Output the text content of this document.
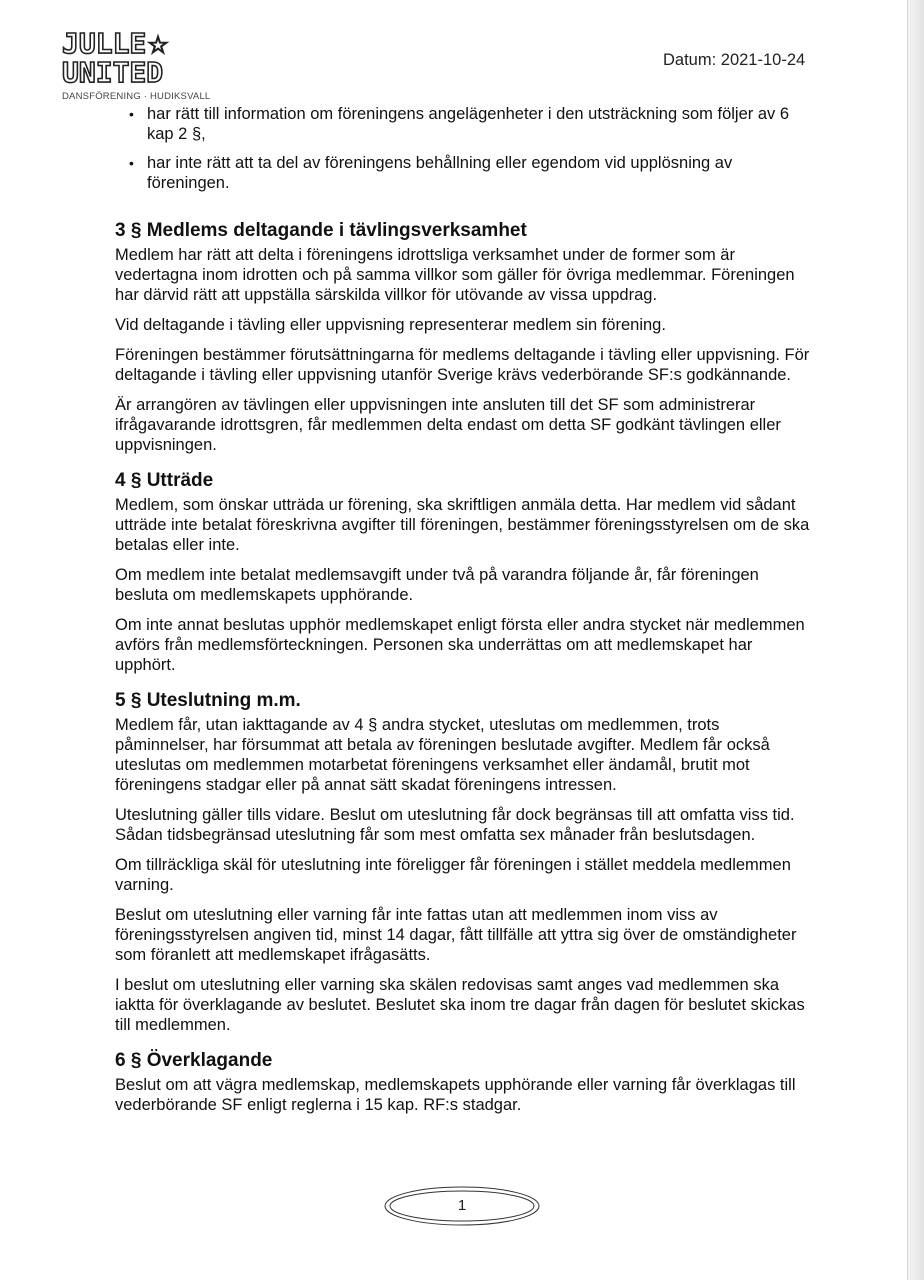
JULLE☆
UNITED
DANSFÖRENING · HUDIKSVALL
Datum: 2021-10-24
• har rätt till information om föreningens angelägenheter i den utsträckning som följer av 6 kap 2 §,
• har inte rätt att ta del av föreningens behållning eller egendom vid upplösning av föreningen.
3 § Medlems deltagande i tävlingsverksamhet

Medlem har rätt att delta i föreningens idrottsliga verksamhet under de former som är vedertagna inom idrotten och på samma villkor som gäller för övriga medlemmar. Föreningen har därvid rätt att uppställa särskilda villkor för utövande av vissa uppdrag.

Vid deltagande i tävling eller uppvisning representerar medlem sin förening.

Föreningen bestämmer förutsättningarna för medlems deltagande i tävling eller uppvisning. För deltagande i tävling eller uppvisning utanför Sverige krävs vederbörande SF:s godkännande.

Är arrangören av tävlingen eller uppvisningen inte ansluten till det SF som administrerar ifrågavarande idrottsgren, får medlemmen delta endast om detta SF godkänt tävlingen eller uppvisningen.

4 § Utträde

Medlem, som önskar utträda ur förening, ska skriftligen anmäla detta. Har medlem vid sådant utträde inte betalat föreskrivna avgifter till föreningen, bestämmer föreningsstyrelsen om de ska betalas eller inte.

Om medlem inte betalat medlemsavgift under två på varandra följande år, får föreningen besluta om medlemskapets upphörande.

Om inte annat beslutas upphör medlemskapet enligt första eller andra stycket när medlemmen avförs från medlemsförteckningen. Personen ska underrättas om att medlemskapet har upphört.

5 § Uteslutning m.m.

Medlem får, utan iakttagande av 4 § andra stycket, uteslutas om medlemmen, trots påminnelser, har försummat att betala av föreningen beslutade avgifter. Medlem får också uteslutas om medlemmen motarbetat föreningens verksamhet eller ändamål, brutit mot föreningens stadgar eller på annat sätt skadat föreningens intressen.

Uteslutning gäller tills vidare. Beslut om uteslutning får dock begränsas till att omfatta viss tid. Sådan tidsbegränsad uteslutning får som mest omfatta sex månader från beslutsdagen.

Om tillräckliga skäl för uteslutning inte föreligger får föreningen i stället meddela medlemmen varning.

Beslut om uteslutning eller varning får inte fattas utan att medlemmen inom viss av föreningsstyrelsen angiven tid, minst 14 dagar, fått tillfälle att yttra sig över de omständigheter som föranlett att medlemskapet ifrågasätts.

I beslut om uteslutning eller varning ska skälen redovisas samt anges vad medlemmen ska iaktta för överklagande av beslutet. Beslutet ska inom tre dagar från dagen för beslutet skickas till medlemmen.

6 § Överklagande

Beslut om att vägra medlemskap, medlemskapets upphörande eller varning får överklagas till vederbörande SF enligt reglerna i 15 kap. RF:s stadgar.

1
